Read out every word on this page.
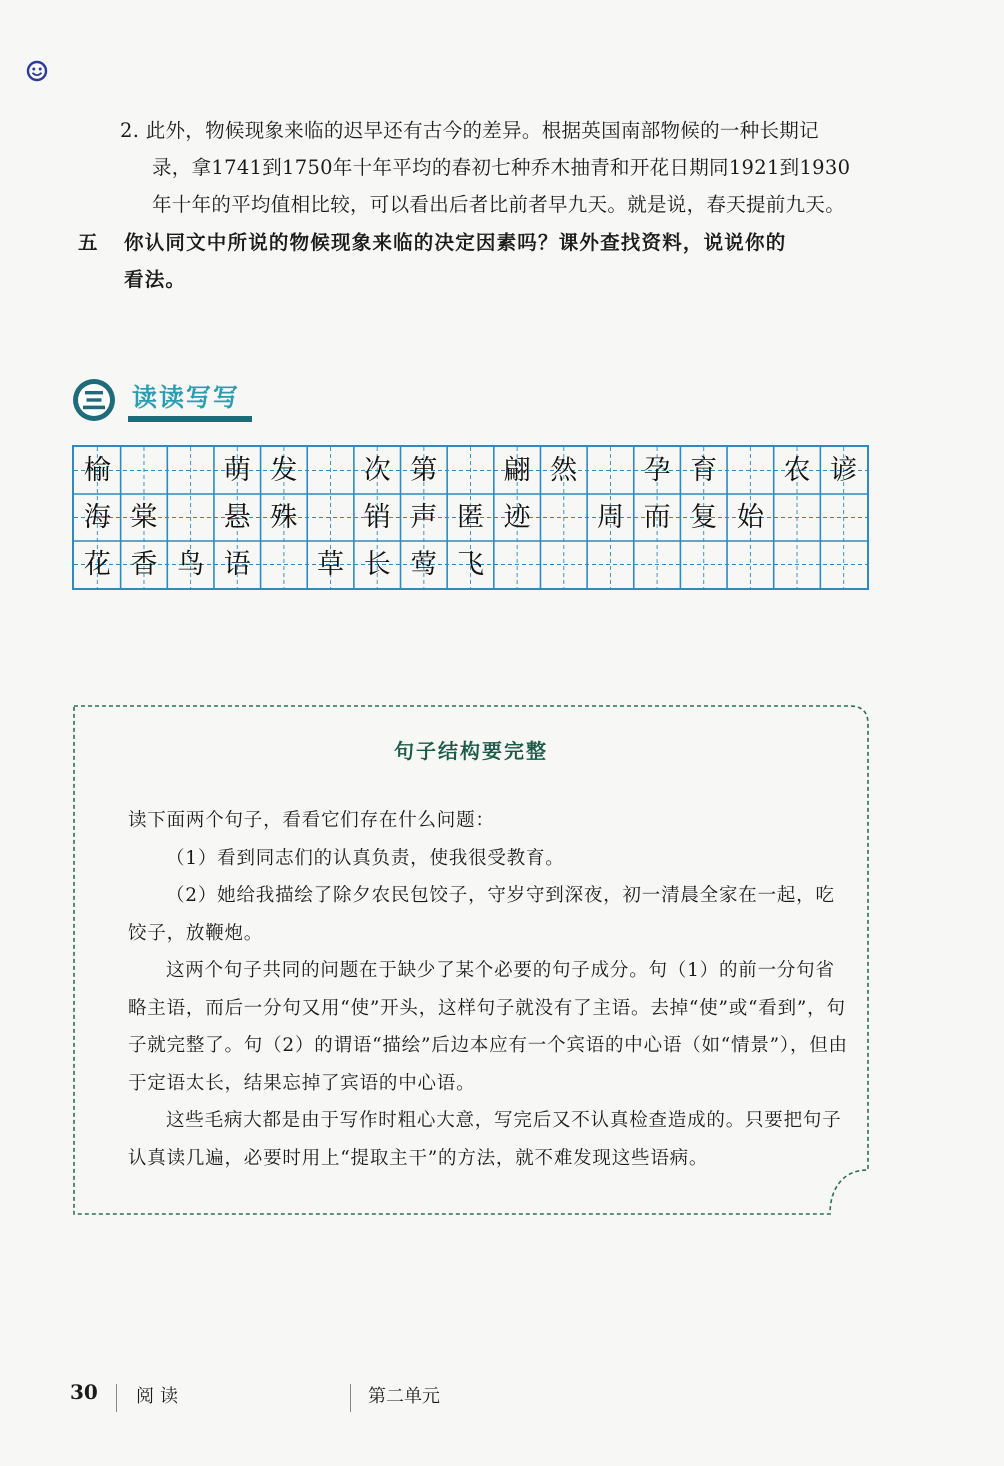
2. 此外，物候现象来临的迟早还有古今的差异。根据英国南部物候的一种长期记
录，拿1741到1750年十年平均的春初七种乔木抽青和开花日期同1921到1930
年十年的平均值相比较，可以看出后者比前者早九天。就是说，春天提前九天。
五 你认同文中所说的物候现象来临的决定因素吗？课外查找资料，说说你的
看法。
读读写写
榆	萌 发	次 第	翩 然	孕 育	农 谚
海 棠	悬 殊	销 声 匿 迹	周 而 复 始
花 香 鸟 语	草 长 莺 飞
句子结构要完整

读下面两个句子，看看它们存在什么问题：

（1）看到同志们的认真负责，使我很受教育。

（2）她给我描绘了除夕农民包饺子，守岁守到深夜，初一清晨全家在一起，吃饺子，放鞭炮。

这两个句子共同的问题在于缺少了某个必要的句子成分。句（1）的前一分句省略主语，而后一分句又用“使”开头，这样句子就没有了主语。去掉“使”或“看到”，句子就完整了。句（2）的谓语“描绘”后边本应有一个宾语的中心语（如“情景”），但由于定语太长，结果忘掉了宾语的中心语。

这些毛病大都是由于写作时粗心大意，写完后又不认真检查造成的。只要把句子认真读几遍，必要时用上“提取主干”的方法，就不难发现这些语病。

30 阅读	第二单元
